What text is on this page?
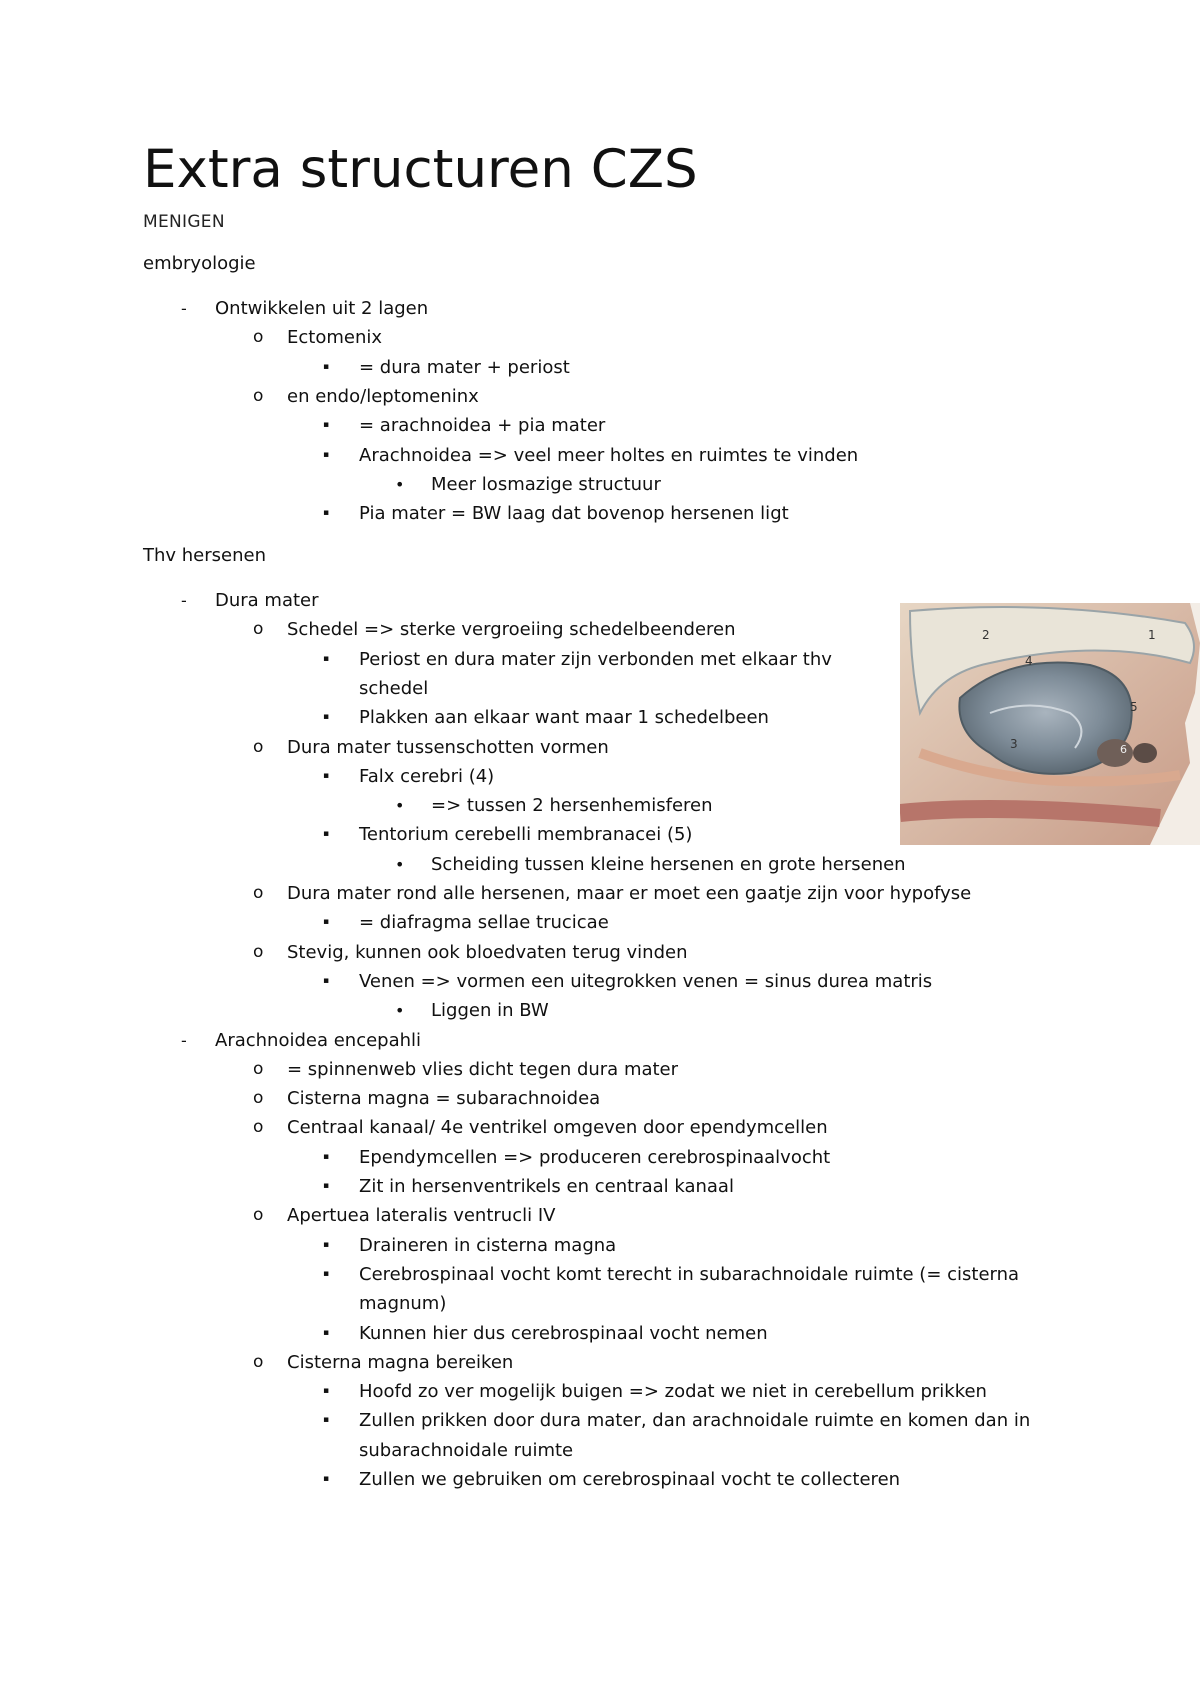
Extra structuren CZS
MENIGEN
embryologie
- Ontwikkelen uit 2 lagen
o Ectomenix
▪ = dura mater + periost
o en endo/leptomeninx
▪ = arachnoidea + pia mater
▪ Arachnoidea => veel meer holtes en ruimtes te vinden
• Meer losmazige structuur
▪ Pia mater = BW laag dat bovenop hersenen ligt
Thv hersenen
- Dura mater
o Schedel => sterke vergroeiing schedelbeenderen
▪ Periost en dura mater zijn verbonden met elkaar thv
schedel
▪ Plakken aan elkaar want maar 1 schedelbeen
o Dura mater tussenschotten vormen
▪ Falx cerebri (4)
• => tussen 2 hersenhemisferen
▪ Tentorium cerebelli membranacei (5)
• Scheiding tussen kleine hersenen en grote hersenen
o Dura mater rond alle hersenen, maar er moet een gaatje zijn voor hypofyse
▪ = diafragma sellae trucicae
o Stevig, kunnen ook bloedvaten terug vinden
▪ Venen => vormen een uitegrokken venen = sinus durea matris
• Liggen in BW
- Arachnoidea encepahli
o = spinnenweb vlies dicht tegen dura mater
o Cisterna magna = subarachnoidea
o Centraal kanaal/ 4e ventrikel omgeven door ependymcellen
▪ Ependymcellen => produceren cerebrospinaalvocht
▪ Zit in hersenventrikels en centraal kanaal
o Apertuea lateralis ventrucli IV
▪ Draineren in cisterna magna
▪ Cerebrospinaal vocht komt terecht in subarachnoidale ruimte (= cisterna
magnum)
▪ Kunnen hier dus cerebrospinaal vocht nemen
o Cisterna magna bereiken
▪ Hoofd zo ver mogelijk buigen => zodat we niet in cerebellum prikken
▪ Zullen prikken door dura mater, dan arachnoidale ruimte en komen dan in
subarachnoidale ruimte
▪ Zullen we gebruiken om cerebrospinaal vocht te collecteren
1
2
3
4
5
6
